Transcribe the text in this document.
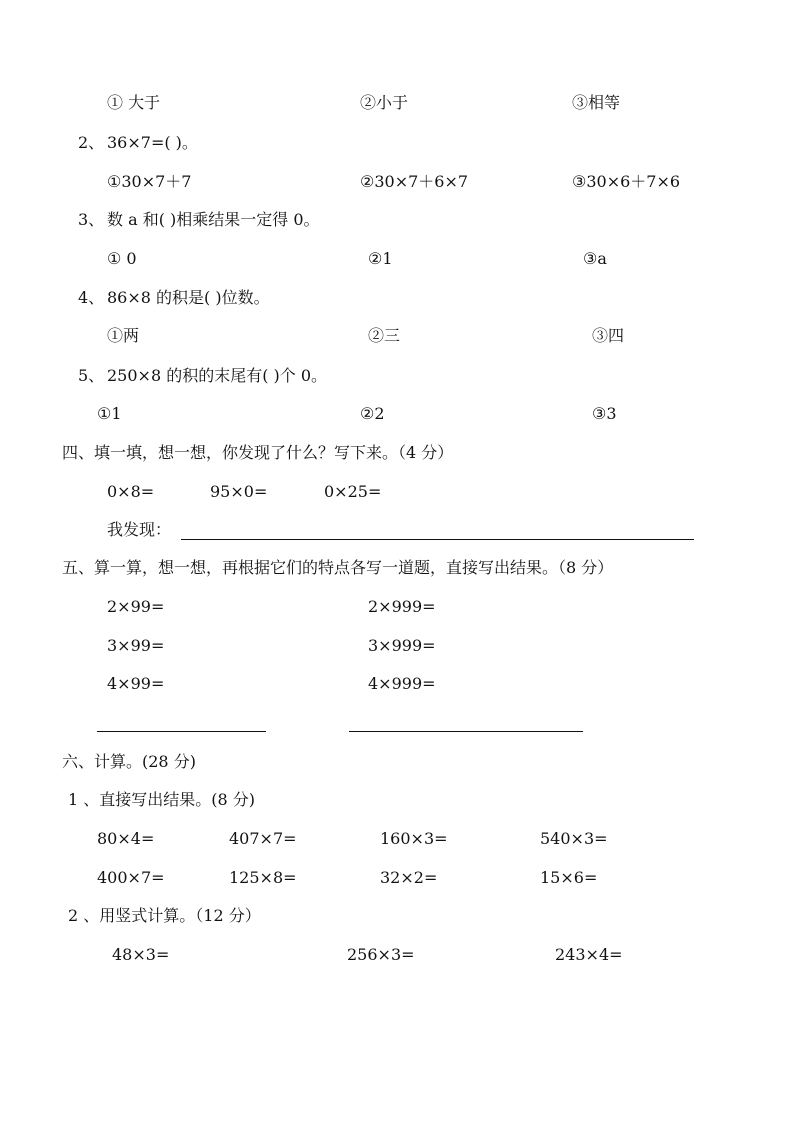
① 大于	②小于	③相等
2、 36×7=( )。
①30×7＋7	②30×7＋6×7	③30×6＋7×6
3、 数 a 和( )相乘结果一定得 0。
① 0	②1	③a
4、 86×8 的积是( )位数。
①两	②三	③四
5、 250×8 的积的末尾有( )个 0。
①1	②2	③3
四、填一填，想一想，你发现了什么？写下来。（4 分）
0×8=	95×0=	0×25=
我发现：
五、算一算，想一想，再根据它们的特点各写一道题，直接写出结果。（8 分）
2×99=	2×999=
3×99=	3×999=
4×99=	4×999=
六、计算。(28 分)
1 、直接写出结果。(8 分)
80×4=	407×7=	160×3=	540×3=
400×7=	125×8=	32×2=	15×6=
2 、用竖式计算。（12 分）
48×3=	256×3=	243×4=
